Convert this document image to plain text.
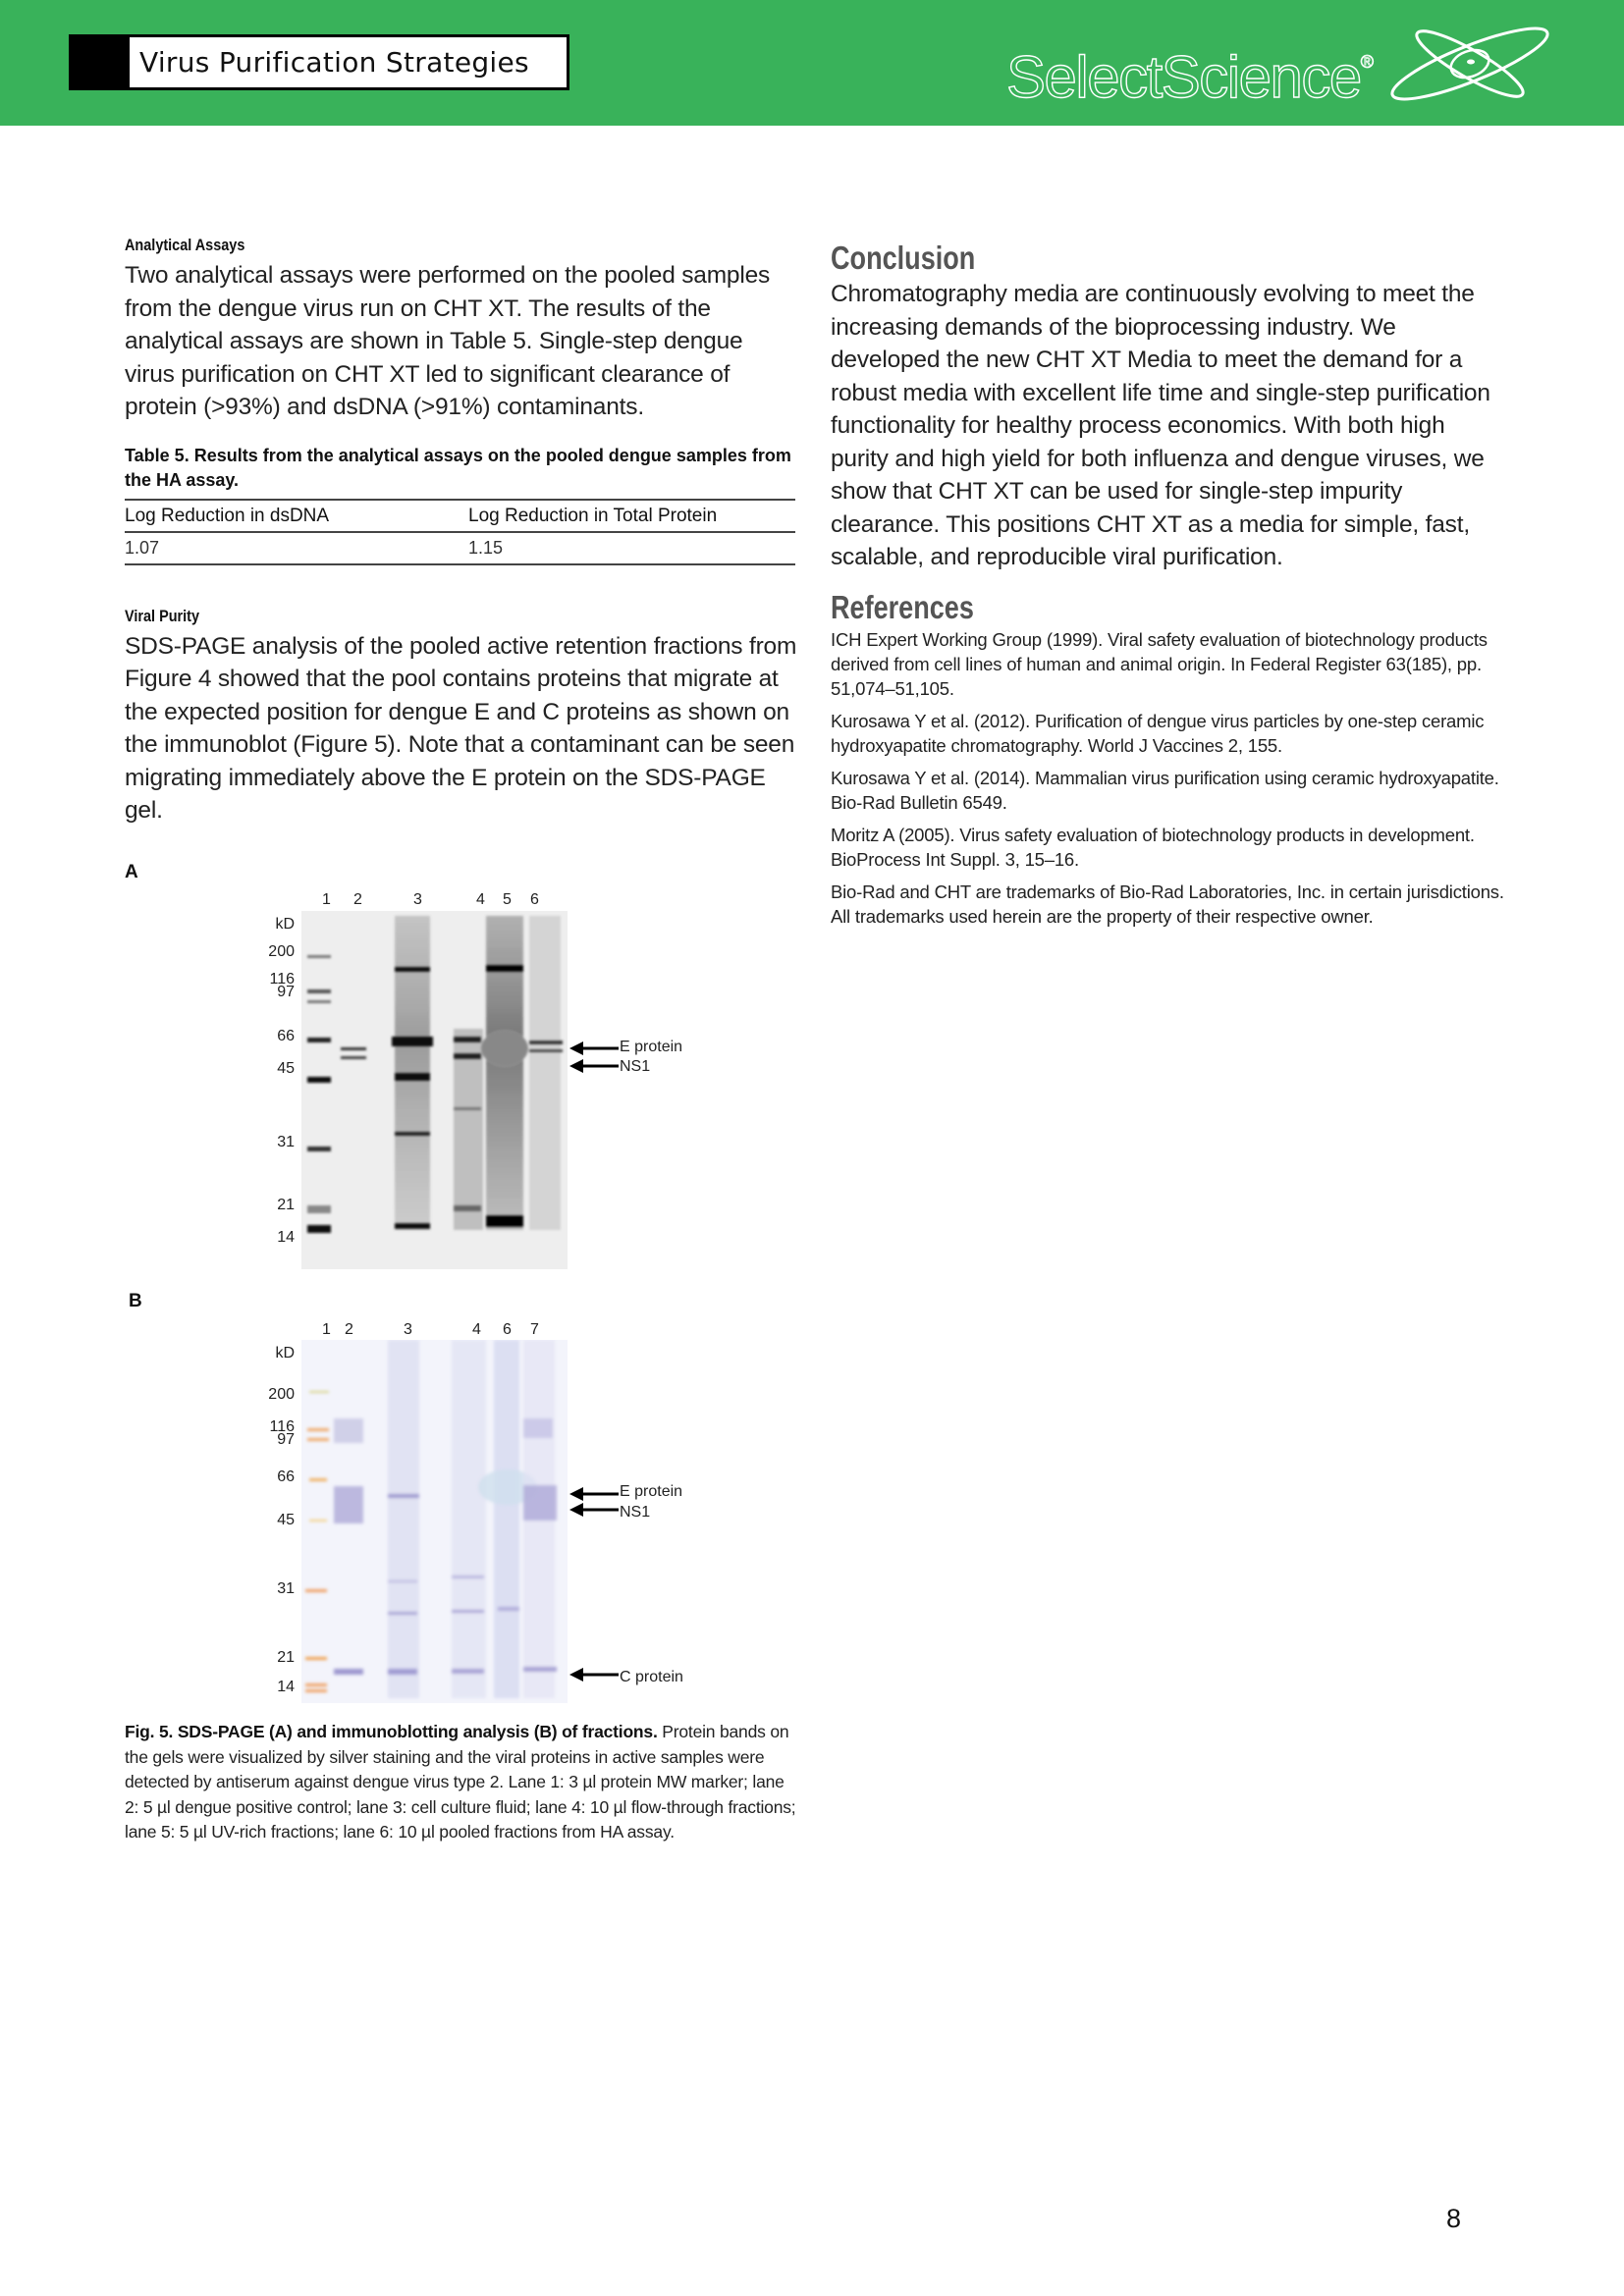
Virus Purification Strategies	SelectScience®
Analytical Assays

Two analytical assays were performed on the pooled samples from the dengue virus run on CHT XT. The results of the analytical assays are shown in Table 5. Single-step dengue virus purification on CHT XT led to significant clearance of protein (>93%) and dsDNA (>91%) contaminants.

Table 5. Results from the analytical assays on the pooled dengue samples from the HA assay.
Log Reduction in dsDNA	Log Reduction in Total Protein
1.07	1.15
Viral Purity

SDS-PAGE analysis of the pooled active retention fractions from Figure 4 showed that the pool contains proteins that migrate at the expected position for dengue E and C proteins as shown on the immunoblot (Figure 5). Note that a contaminant can be seen migrating immediately above the E protein on the SDS-PAGE gel.

A
1 2	3	4 5 6
kD
200
116
97
66
45
31
21
14
E protein
NS1
B
1 2	3	4 6 7
kD
200
116
97
66
45
31
21
14
E protein
NS1
C protein
Fig. 5. SDS-PAGE (A) and immunoblotting analysis (B) of fractions. Protein bands on the gels were visualized by silver staining and the viral proteins in active samples were detected by antiserum against dengue virus type 2. Lane 1: 3 µl protein MW marker; lane 2: 5 µl dengue positive control; lane 3: cell culture fluid; lane 4: 10 µl flow-through fractions; lane 5: 5 µl UV-rich fractions; lane 6: 10 µl pooled fractions from HA assay.
Conclusion

Chromatography media are continuously evolving to meet the increasing demands of the bioprocessing industry. We developed the new CHT XT Media to meet the demand for a robust media with excellent life time and single-step purification functionality for healthy process economics. With both high purity and high yield for both influenza and dengue viruses, we show that CHT XT can be used for single-step impurity clearance. This positions CHT XT as a media for simple, fast, scalable, and reproducible viral purification.

References

ICH Expert Working Group (1999). Viral safety evaluation of biotechnology products derived from cell lines of human and animal origin. In Federal Register 63(185), pp. 51,074–51,105.

Kurosawa Y et al. (2012). Purification of dengue virus particles by one-step ceramic hydroxyapatite chromatography. World J Vaccines 2, 155.

Kurosawa Y et al. (2014). Mammalian virus purification using ceramic hydroxyapatite. Bio-Rad Bulletin 6549.

Moritz A (2005). Virus safety evaluation of biotechnology products in development. BioProcess Int Suppl. 3, 15–16.

Bio-Rad and CHT are trademarks of Bio-Rad Laboratories, Inc. in certain jurisdictions. All trademarks used herein are the property of their respective owner.

8
